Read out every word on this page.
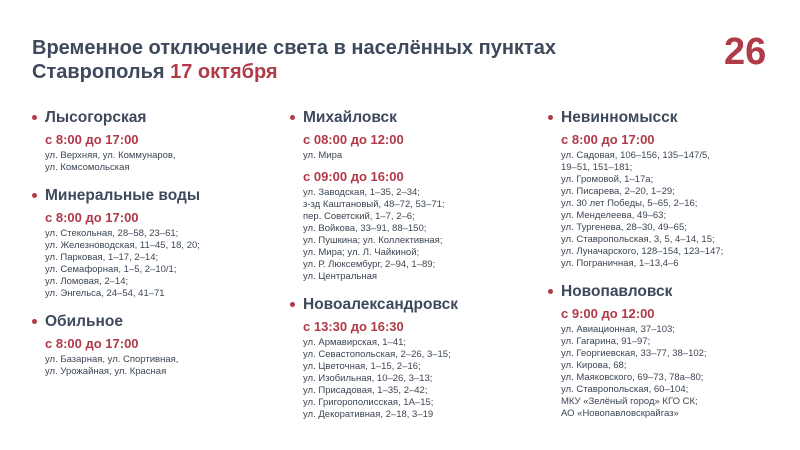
Временное отключение света в населённых пунктах Ставрополья 17 октября	26
Лысогорская
с 8:00 до 17:00
ул. Верхняя, ул. Коммунаров,
ул. Комсомольская
Минеральные воды
с 8:00 до 17:00
ул. Стекольная, 28–58, 23–61;
ул. Железноводская, 11–45, 18, 20;
ул. Парковая, 1–17, 2–14;
ул. Семафорная, 1–5, 2–10/1;
ул. Ломовая, 2–14;
ул. Энгельса, 24–54, 41–71
Обильное
с 8:00 до 17:00
ул. Базарная, ул. Спортивная,
ул. Урожайная, ул. Красная
Михайловск
с 08:00 до 12:00
ул. Мира
с 09:00 до 16:00
ул. Заводская, 1–35, 2–34;
з-зд Каштановый, 48–72, 53–71;
пер. Советский, 1–7, 2–6;
ул. Войкова, 33–91, 88–150;
ул. Пушкина; ул. Коллективная;
ул. Мира; ул. Л. Чайкиной;
ул. Р. Люксембург, 2–94, 1–89;
ул. Центральная
Новоалександровск
с 13:30 до 16:30
ул. Армавирская, 1–41;
ул. Севастопольская, 2–26, 3–15;
ул. Цветочная, 1–15, 2–16;
ул. Изобильная, 10–26, 3–13;
ул. Присадовая, 1–35, 2–42;
ул. Григорополисская, 1А–15;
ул. Декоративная, 2–18, 3–19
Невинномысск
с 8:00 до 17:00
ул. Садовая, 106–156, 135–147/5,
19–51, 151–181;
ул. Громовой, 1–17а;
ул. Писарева, 2–20, 1–29;
ул. 30 лет Победы, 5–65, 2–16;
ул. Менделеева, 49–63;
ул. Тургенева, 28–30, 49–65;
ул. Ставропольская, 3, 5, 4–14, 15;
ул. Луначарского, 128–154, 123–147;
ул. Пограничная, 1–13,4–6
Новопавловск
с 9:00 до 12:00
ул. Авиационная, 37–103;
ул. Гагарина, 91–97;
ул. Георгиевская, 33–77, 38–102;
ул. Кирова, 68;
ул. Маяковского, 69–73, 78а–80;
ул. Ставропольская, 60–104;
МКУ «Зелёный город» КГО СК;
АО «Новопавловскрайгаз»
